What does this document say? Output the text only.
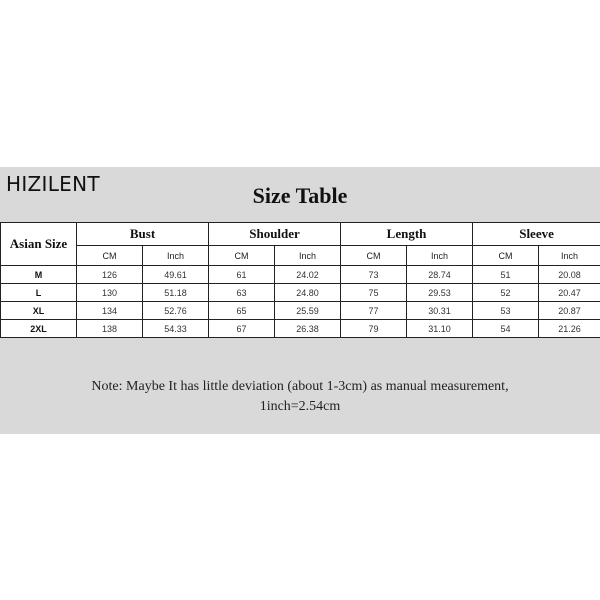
HIZILENT	Size Table
Asian Size	Bust		Shoulder		Length		Sleeve	
	CM	Inch	CM	Inch	CM	Inch	CM	Inch
M	126	49.61	61	24.02	73	28.74	51	20.08
L	130	51.18	63	24.80	75	29.53	52	20.47
XL	134	52.76	65	25.59	77	30.31	53	20.87
2XL	138	54.33	67	26.38	79	31.10	54	21.26
Note: Maybe It has little deviation (about 1-3cm) as manual measurement,
1inch=2.54cm
